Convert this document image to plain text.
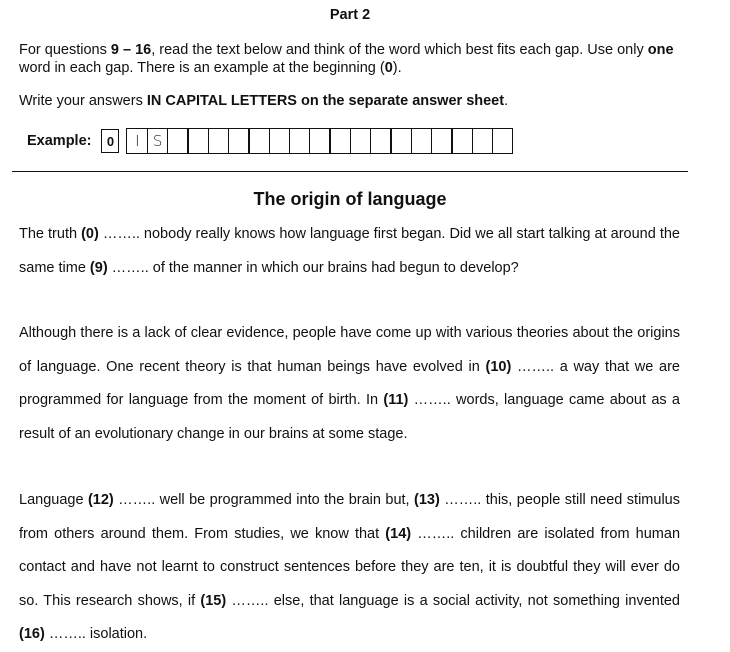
Part 2

For questions 9 – 16, read the text below and think of the word which best fits each gap. Use only one word in each gap. There is an example at the beginning (0).

Write your answers IN CAPITAL LETTERS on the separate answer sheet.

Example:	0	I S
The origin of language

The truth (0) …….. nobody really knows how language first began. Did we all start talking at around the same time (9) …….. of the manner in which our brains had begun to develop?

Although there is a lack of clear evidence, people have come up with various theories about the origins of language. One recent theory is that human beings have evolved in (10) …….. a way that we are programmed for language from the moment of birth. In (11) …….. words, language came about as a result of an evolutionary change in our brains at some stage.

Language (12) …….. well be programmed into the brain but, (13) …….. this, people still need stimulus from others around them. From studies, we know that (14) …….. children are isolated from human contact and have not learnt to construct sentences before they are ten, it is doubtful they will ever do so. This research shows, if (15) …….. else, that language is a social activity, not something invented (16) …….. isolation.
